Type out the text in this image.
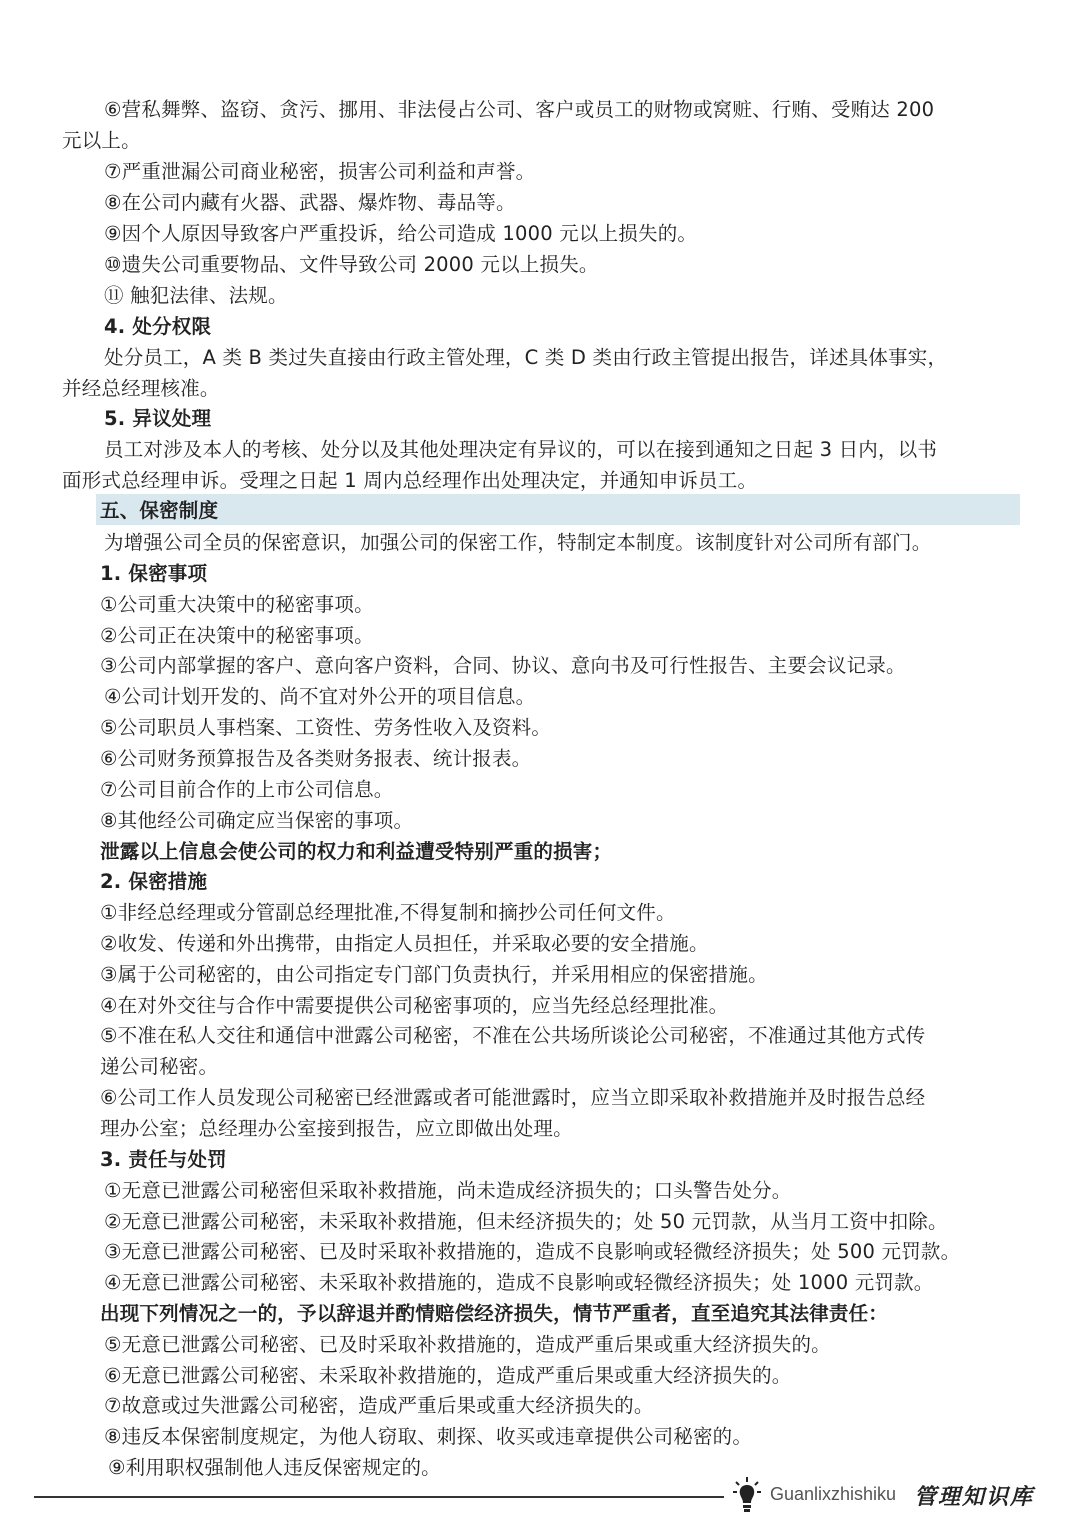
⑥营私舞弊、盗窃、贪污、挪用、非法侵占公司、客户或员工的财物或窝赃、行贿、受贿达 200
元以上。
⑦严重泄漏公司商业秘密，损害公司利益和声誉。
⑧在公司内藏有火器、武器、爆炸物、毒品等。
⑨因个人原因导致客户严重投诉，给公司造成 1000 元以上损失的。
⑩遗失公司重要物品、文件导致公司 2000 元以上损失。
⑪ 触犯法律、法规。
4. 处分权限
处分员工，A 类 B 类过失直接由行政主管处理，C 类 D 类由行政主管提出报告，详述具体事实，
并经总经理核准。
5. 异议处理
员工对涉及本人的考核、处分以及其他处理决定有异议的，可以在接到通知之日起 3 日内，以书
面形式总经理申诉。受理之日起 1 周内总经理作出处理决定，并通知申诉员工。
五、保密制度
为增强公司全员的保密意识，加强公司的保密工作，特制定本制度。该制度针对公司所有部门。
1. 保密事项
①公司重大决策中的秘密事项。
②公司正在决策中的秘密事项。
③公司内部掌握的客户、意向客户资料，合同、协议、意向书及可行性报告、主要会议记录。
④公司计划开发的、尚不宜对外公开的项目信息。
⑤公司职员人事档案、工资性、劳务性收入及资料。
⑥公司财务预算报告及各类财务报表、统计报表。
⑦公司目前合作的上市公司信息。
⑧其他经公司确定应当保密的事项。
泄露以上信息会使公司的权力和利益遭受特别严重的损害；
2. 保密措施
①非经总经理或分管副总经理批准,不得复制和摘抄公司任何文件。
②收发、传递和外出携带，由指定人员担任，并采取必要的安全措施。
③属于公司秘密的，由公司指定专门部门负责执行，并采用相应的保密措施。
④在对外交往与合作中需要提供公司秘密事项的，应当先经总经理批准。
⑤不准在私人交往和通信中泄露公司秘密，不准在公共场所谈论公司秘密，不准通过其他方式传
递公司秘密。
⑥公司工作人员发现公司秘密已经泄露或者可能泄露时，应当立即采取补救措施并及时报告总经
理办公室；总经理办公室接到报告，应立即做出处理。
3. 责任与处罚
①无意已泄露公司秘密但采取补救措施，尚未造成经济损失的；口头警告处分。
②无意已泄露公司秘密，未采取补救措施，但未经济损失的；处 50 元罚款，从当月工资中扣除。
③无意已泄露公司秘密、已及时采取补救措施的，造成不良影响或轻微经济损失；处 500 元罚款。
④无意已泄露公司秘密、未采取补救措施的，造成不良影响或轻微经济损失；处 1000 元罚款。
出现下列情况之一的，予以辞退并酌情赔偿经济损失，情节严重者，直至追究其法律责任：
⑤无意已泄露公司秘密、已及时采取补救措施的，造成严重后果或重大经济损失的。
⑥无意已泄露公司秘密、未采取补救措施的，造成严重后果或重大经济损失的。
⑦故意或过失泄露公司秘密，造成严重后果或重大经济损失的。
⑧违反本保密制度规定，为他人窃取、刺探、收买或违章提供公司秘密的。
⑨利用职权强制他人违反保密规定的。
Guanlixzhishiku 管理知识库
